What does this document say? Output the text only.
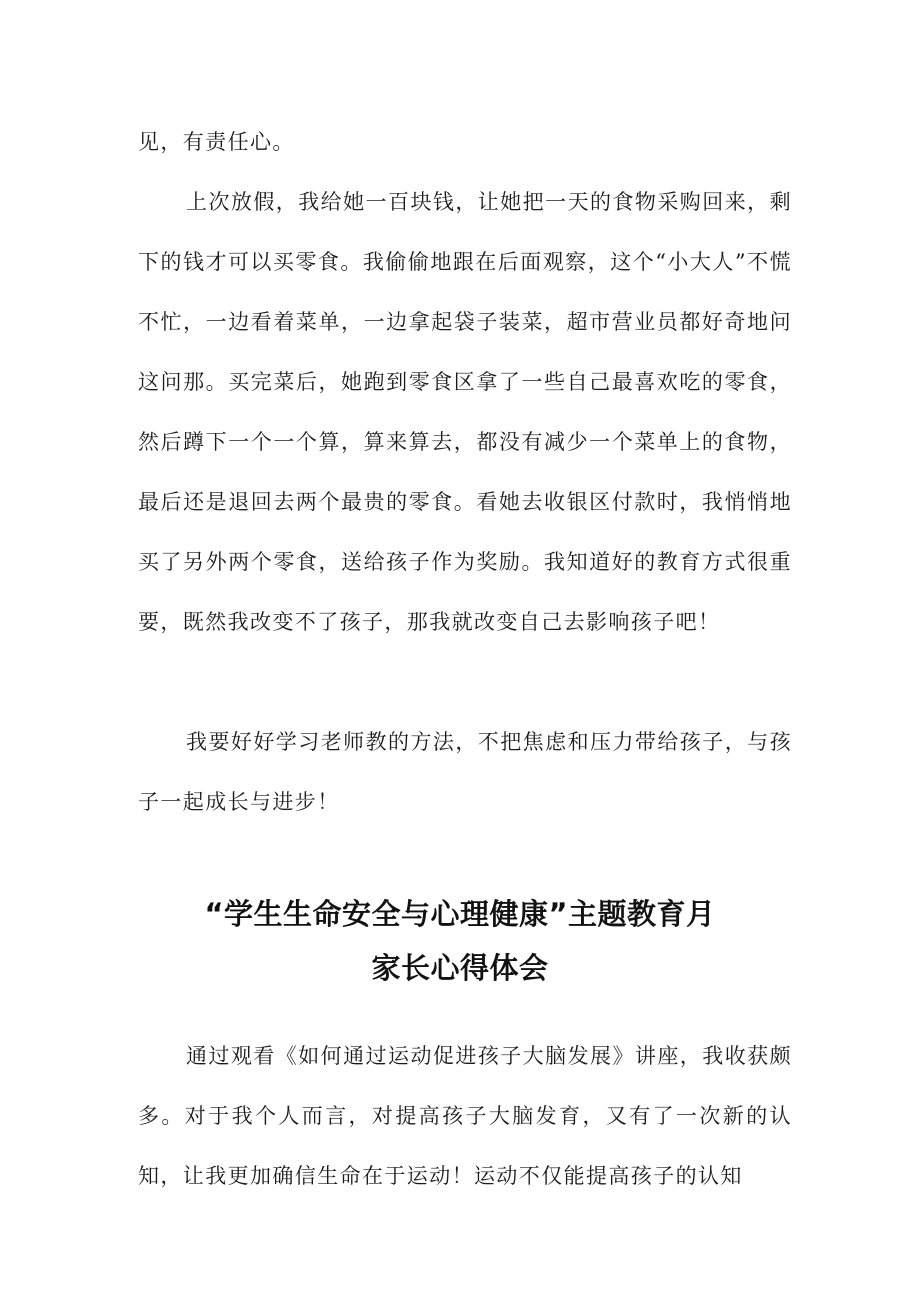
见，有责任心。

上次放假，我给她一百块钱，让她把一天的食物采购回来，剩下的钱才可以买零食。我偷偷地跟在后面观察，这个“小大人”不慌不忙，一边看着菜单，一边拿起袋子装菜，超市营业员都好奇地问这问那。买完菜后，她跑到零食区拿了一些自己最喜欢吃的零食，然后蹲下一个一个算，算来算去，都没有减少一个菜单上的食物，最后还是退回去两个最贵的零食。看她去收银区付款时，我悄悄地买了另外两个零食，送给孩子作为奖励。我知道好的教育方式很重要，既然我改变不了孩子，那我就改变自己去影响孩子吧！

我要好好学习老师教的方法，不把焦虑和压力带给孩子，与孩子一起成长与进步！

“学生生命安全与心理健康”主题教育月
家长心得体会

通过观看《如何通过运动促进孩子大脑发展》讲座，我收获颇多。对于我个人而言，对提高孩子大脑发育，又有了一次新的认知，让我更加确信生命在于运动！运动不仅能提高孩子的认知
